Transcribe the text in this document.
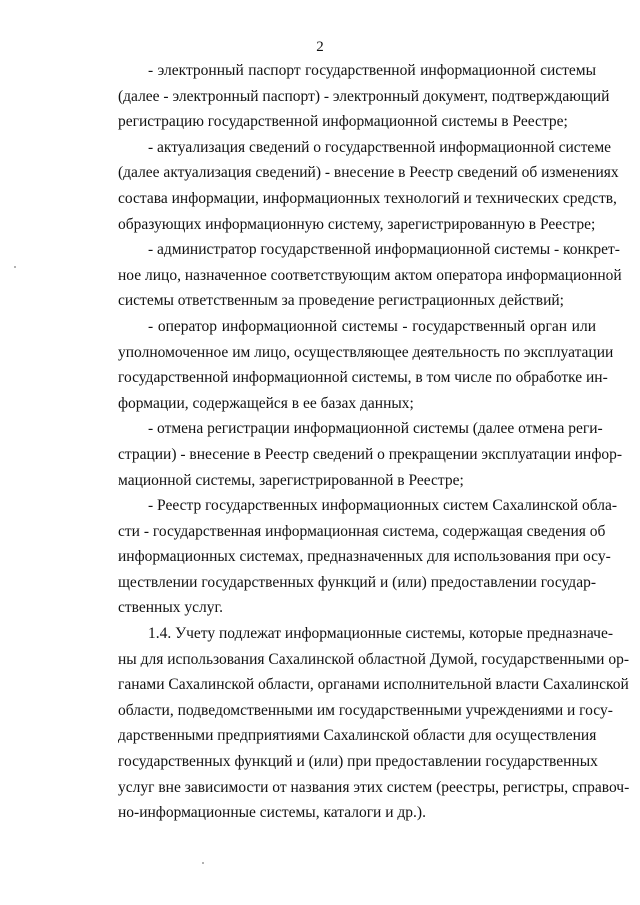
2

- электронный паспорт государственной информационной системы
(далее - электронный паспорт) - электронный документ, подтверждающий
регистрацию государственной информационной системы в Реестре;

- актуализация сведений о государственной информационной системе
(далее актуализация сведений) - внесение в Реестр сведений об изменениях
состава информации, информационных технологий и технических средств,
образующих информационную систему, зарегистрированную в Реестре;

- администратор государственной информационной системы - конкрет-
ное лицо, назначенное соответствующим актом оператора информационной
системы ответственным за проведение регистрационных действий;

- оператор информационной системы - государственный орган или
уполномоченное им лицо, осуществляющее деятельность по эксплуатации
государственной информационной системы, в том числе по обработке ин-
формации, содержащейся в ее базах данных;

- отмена регистрации информационной системы (далее отмена реги-
страции) - внесение в Реестр сведений о прекращении эксплуатации инфор-
мационной системы, зарегистрированной в Реестре;

- Реестр государственных информационных систем Сахалинской обла-
сти - государственная информационная система, содержащая сведения об
информационных системах, предназначенных для использования при осу-
ществлении государственных функций и (или) предоставлении государ-
ственных услуг.

1.4. Учету подлежат информационные системы, которые предназначе-
ны для использования Сахалинской областной Думой, государственными ор-
ганами Сахалинской области, органами исполнительной власти Сахалинской
области, подведомственными им государственными учреждениями и госу-
дарственными предприятиями Сахалинской области для осуществления
государственных функций и (или) при предоставлении государственных
услуг вне зависимости от названия этих систем (реестры, регистры, справоч-
но-информационные системы, каталоги и др.).
